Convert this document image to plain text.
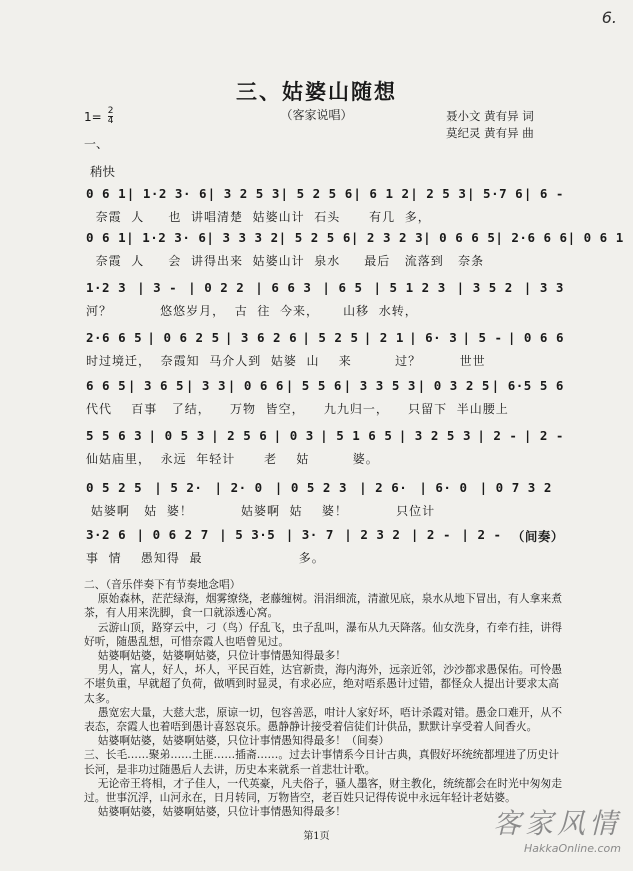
6.
三、姑婆山随想
（客家说唱）
$1= \frac{2}{4}$	聂小文 黄有异 词
莫纪灵 黄有异 曲
一、
稍快
0 6 1 | 1·2 3· 6 | 3 2 5 3 | 5 2 5 6 | 6 1 2 | 2 5 3 | 5·7 6 | 6 -
奈霞  人     也  讲唱清楚  姑婆山计  石头      有几  多，
0 6 1 | 1·2 3· 6 | 3 3 3 2 | 5 2 5 6 | 2 3 2 3 | 0 6 6 5 | 2·6 6 6 | 0 6 1
奈霞  人     会  讲得出来  姑婆山计  泉水     最后   流落到   奈条
1·2 3 | 3 - | 0 2 2 | 6 6 3 | 6 5 | 5 1 2 3 | 3 5 2 | 3 3
河？          悠悠岁月，  古  往  今来，     山移  水转，
2·6 6 5 | 0 6 2 5 | 3 6 2 6 | 5 2 5 | 2 1 | 6· 3 | 5 - | 0 6 6
时过境迁，  奈霞知  马介人到  姑婆  山    来         过？        世世
6 6 5 | 3 6 5 | 3 3 | 0 6 6 | 5 5 6 | 3 3 5 3 | 0 3 2 5 | 6·5 5 6
代代    百事   了结，    万物  皆空，    九九归一，    只留下  半山腰上
5 5 6 3 | 0 5 3 | 2 5 6 | 0 3 | 5 1 6 5 | 3 2 5 3 | 2 - | 2 -
仙姑庙里，  永远  年轻计      老    姑         婆。
0 5 2 5 | 5 2· | 2· 0 | 0 5 2 3 | 2 6· | 6· 0 | 0 7 3 2
姑婆啊   姑  婆！          姑婆啊  姑    婆！          只位计
3·2 6 | 0 6 2 7 | 5 3·5 | 3· 7 | 2 3 2 | 2 - | 2 - （间奏）
事  情    愚知得  最                    多。

二、（音乐伴奏下有节奏地念唱）

原始森林，茫茫绿海，烟雾缭绕，老藤缠树。涓涓细流，清澈见底，泉水从地下冒出，有人拿来煮茶，有人用来洗脚，食一口就添透心窝。

云游山顶，路穿云中，刁（鸟）仔乱飞，虫子乱叫，瀑布从九天降落。仙女洗身，冇牵冇挂，讲得好听，随愚乱想，可惜奈霞人也唔曾见过。

姑婆啊姑婆，姑婆啊姑婆，只位计事情愚知得最多！

男人，富人，好人，坏人，平民百姓，达官新贵，海内海外，远亲近邻，沙沙都求愚保佑。可怜愚不堪负重，早就超了负荷，做哂到时显灵，有求必应，绝对唔系愚计过错，都怪众人提出计要求太高太多。

愚宽宏大量，大慈大悲，原谅一切，包容善恶，咁计人家好坏，唔计杀霞对错。愚金口难开，从不表态，奈霞人也着唔到愚计喜怒哀乐。愚静静计接受着信徒们计供品，默默计享受着人间香火。

姑婆啊姑婆，姑婆啊姑婆，只位计事情愚知得最多！（间奏）

三、长毛……聚弟……土匪……插斋……。过去计事情系今日计古典，真假好坏统统都埋进了历史计长河，是非功过随愚后人去讲，历史本来就系一首悲壮计歌。

无论帝王将相，才子佳人，一代英豪，凡夫俗子，骚人墨客，财主教化，统统都会在时光中匆匆走过。世事沉浮，山河永在，日月转同，万物皆空，老百姓只记得传说中永远年轻计老姑婆。

姑婆啊姑婆，姑婆啊姑婆，只位计事情愚知得最多！

第1页	客家风情
HakkaOnline.com
